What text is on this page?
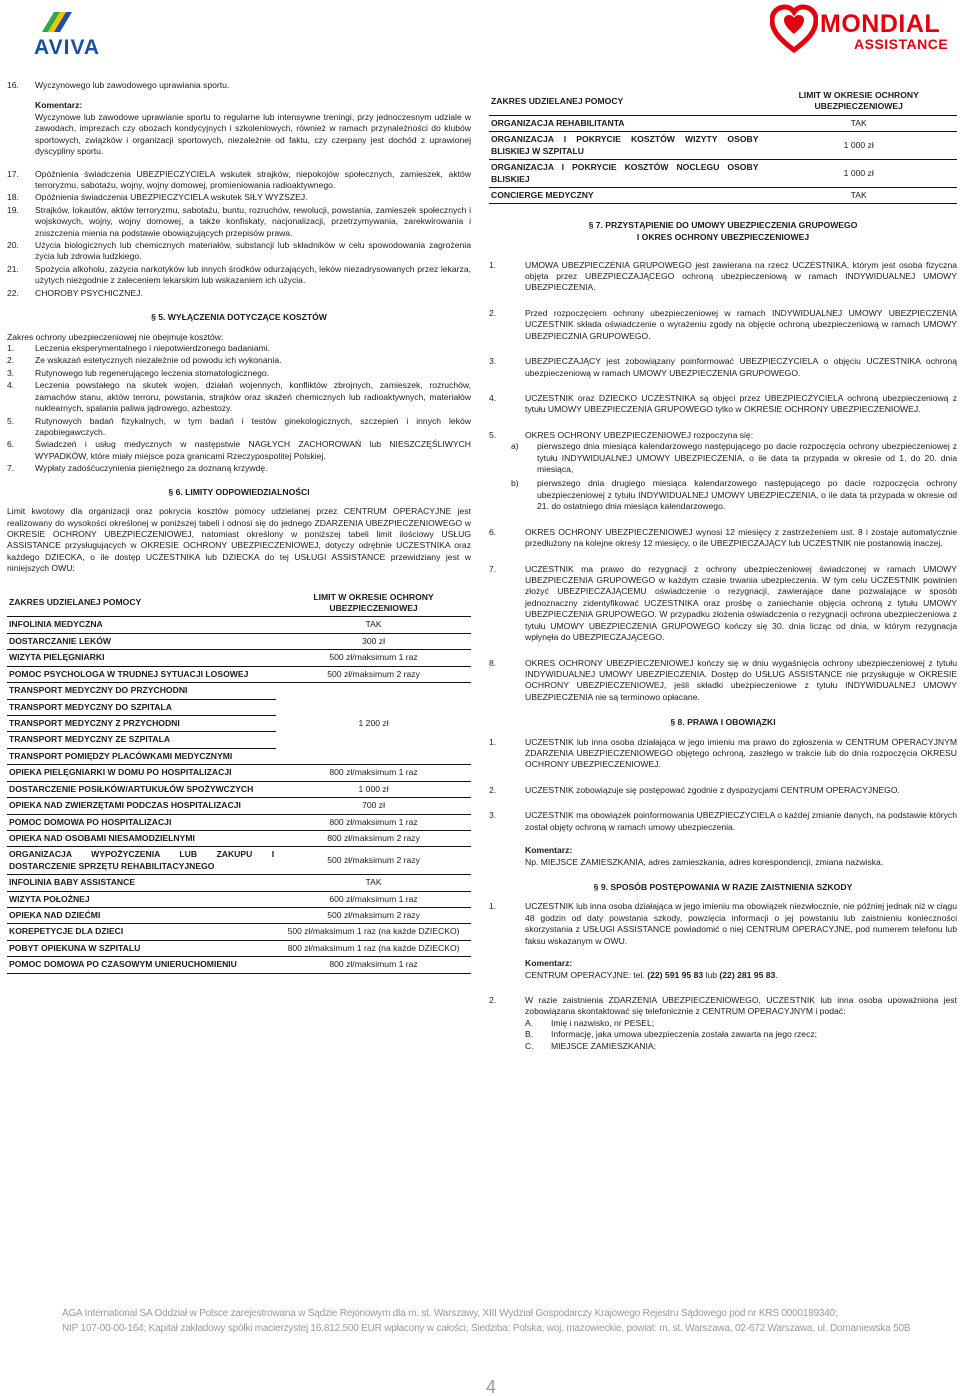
AVIVA
MONDIAL
ASSISTANCE
16. Wyczynowego lub zawodowego uprawiania sportu.
Komentarz:

Wyczynowe lub zawodowe uprawianie sportu to regularne lub intensywne treningi, przy jednoczesnym udziale w zawodach, imprezach czy obozach kondycyjnych i szkoleniowych, również w ramach przynależności do klubów sportowych, związków i organizacji sportowych, niezależnie od faktu, czy czerpany jest dochód z uprawionej dyscypliny sportu.

17. Opóźnienia świadczenia UBEZPIECZYCIELA wskutek strajków, niepokojów społecznych, zamieszek, aktów terroryzmu, sabotażu, wojny, wojny domowej, promieniowania radioaktywnego.
18. Opóźnienia świadczenia UBEZPIECZYCIELA wskutek SIŁY WYŻSZEJ.
19. Strajków, lokautów, aktów terroryzmu, sabotażu, buntu, rozruchów, rewolucji, powstania, zamieszek społecznych i wojskowych, wojny, wojny domowej, a także konfiskaty, nacjonalizacji, przetrzymywania, zarekwirowania i zniszczenia mienia na podstawie obowiązujących przepisów prawa.
20. Użycia biologicznych lub chemicznych materiałów, substancji lub składników w celu spowodowania zagrożenia życia lub zdrowia ludzkiego.
21. Spożycia alkoholu, zażycia narkotyków lub innych środków odurzających, leków niezadrysowanych przez lekarza, użytych niezgodnie z zaleceniem lekarskim lub wskazaniem ich użycia.
22. CHOROBY PSYCHICZNEJ.
§ 5. WYŁĄCZENIA DOTYCZĄCE KOSZTÓW

Zakres ochrony ubezpieczeniowej nie obejmuje kosztów:

1. Leczenia eksperymentalnego i niepotwierdzonego badaniami.
2. Ze wskazań estetycznych niezależnie od powodu ich wykonania.
3. Rutynowego lub regenerującego leczenia stomatologicznego.
4. Leczenia powstałego na skutek wojen, działań wojennych, konfliktów zbrojnych, zamieszek, rozruchów, zamachów stanu, aktów terroru, powstania, strajków oraz skażeń chemicznych lub radioaktywnych, materiałów nuklearnych, spalania paliwa jądrowego, azbestozy.
5. Rutynowych badań fizykalnych, w tym badań i testów ginekologicznych, szczepień i innych leków zapobiegawczych.
6. Świadczeń i usług medycznych w następstwie NAGŁYCH ZACHOROWAŃ lub NIESZCZĘŚLIWYCH WYPADKÓW, które miały miejsce poza granicami Rzeczypospolitej Polskiej.
7. Wypłaty zadośćuczynienia pieniężnego za doznaną krzywdę.
§ 6. LIMITY ODPOWIEDZIALNOŚCI

Limit kwotowy dla organizacji oraz pokrycia kosztów pomocy udzielanej przez CENTRUM OPERACYJNE jest realizowany do wysokości określonej w poniższej tabeli i odnosi się do jednego ZDARZENIA UBEZPIECZENIOWEGO w OKRESIE OCHRONY UBEZPIECZENIOWEJ, natomiast określony w poniższej tabeli limit ilościowy USŁUG ASSISTANCE przysługujących w OKRESIE OCHRONY UBEZPIECZENIOWEJ, dotyczy odrębnie UCZESTNIKA oraz każdego DZIECKA, o ile dostęp UCZESTNIKA lub DZIECKA do tej USŁUGI ASSISTANCE przewidziany jest w niniejszych OWU:

ZAKRES UDZIELANEJ POMOCY	LIMIT W OKRESIE OCHRONY UBEZPIECZENIOWEJ
INFOLINIA MEDYCZNA	TAK
DOSTARCZANIE LEKÓW	300 zł
WIZYTA PIELĘGNIARKI	500 zł/maksimum 1 raz
POMOC PSYCHOLOGA W TRUDNEJ SYTUACJI LOSOWEJ	500 zł/maksimum 2 razy
TRANSPORT MEDYCZNY DO PRZYCHODNI	1 200 zł
TRANSPORT MEDYCZNY DO SZPITALA	
TRANSPORT MEDYCZNY Z PRZYCHODNI	
TRANSPORT MEDYCZNY ZE SZPITALA	
TRANSPORT POMIĘDZY PLACÓWKAMI MEDYCZNYMI	
OPIEKA PIELĘGNIARKI W DOMU PO HOSPITALIZACJI	800 zł/maksimum 1 raz
DOSTARCZENIE POSIŁKÓW/ARTUKUŁÓW SPOŻYWCZYCH	1 000 zł
OPIEKA NAD ZWIERZĘTAMI PODCZAS HOSPITALIZACJI	700 zł
POMOC DOMOWA PO HOSPITALIZACJI	800 zł/maksimum 1 raz
OPIEKA NAD OSOBAMI NIESAMODZIELNYMI	800 zł/maksimum 2 razy
ORGANIZACJA WYPOŻYCZENIA LUB ZAKUPU I DOSTARCZENIE SPRZĘTU REHABILITACYJNEGO	500 zł/maksimum 2 razy
INFOLINIA BABY ASSISTANCE	TAK
WIZYTA POŁOŻNEJ	600 zł/maksimum 1 raz
OPIEKA NAD DZIEĆMI	500 zł/maksimum 2 razy
KOREPETYCJE DLA DZIECI	500 zł/maksimum 1 raz (na każde DZIECKO)
POBYT OPIEKUNA W SZPITALU	800 zł/maksimum 1 raz (na każde DZIECKO)
POMOC DOMOWA PO CZASOWYM UNIERUCHOMIENIU	800 zł/maksimum 1 raz
ZAKRES UDZIELANEJ POMOCY	LIMIT W OKRESIE OCHRONY UBEZPIECZENIOWEJ
ORGANIZACJA REHABILITANTA	TAK
ORGANIZACJA I POKRYCIE KOSZTÓW WIZYTY OSOBY BLISKIEJ W SZPITALU	1 000 zł
ORGANIZACJA I POKRYCIE KOSZTÓW NOCLEGU OSOBY BLISKIEJ	1 000 zł
CONCIERGE MEDYCZNY	TAK
§ 7. PRZYSTĄPIENIE DO UMOWY UBEZPIECZENIA GRUPOWEGO
I OKRES OCHRONY UBEZPIECZENIOWEJ
1.	UMOWA UBEZPIECZENIA GRUPOWEGO jest zawierana na rzecz UCZESTNIKA, którym jest osoba fizyczna objęta przez UBEZPIECZAJĄCEGO ochroną ubezpieczeniową w ramach INDYWIDUALNEJ UMOWY UBEZPIECZENIA.
2.	Przed rozpoczęciem ochrony ubezpieczeniowej w ramach INDYWIDUALNEJ UMOWY UBEZPIECZENIA UCZESTNIK składa oświadczenie o wyrażeniu zgody na objęcie ochroną ubezpieczeniową w ramach UMOWY UBEZPIECZNIA GRUPOWEGO.
3.	UBEZPIECZAJĄCY jest zobowiązany poinformować UBEZPIECZYCIELA o objęciu UCZESTNIKA ochroną ubezpieczeniową w ramach UMOWY UBEZPIECZENIA GRUPOWEGO.
4.	UCZESTNIK oraz DZIECKO UCZESTNIKA są objęci przez UBEZPIECZYCIELA ochroną ubezpieczeniową z tytułu UMOWY UBEZPIECZENIA GRUPOWEGO tylko w OKRESIE OCHRONY UBEZPIECZENIOWEJ.
5.	OKRES OCHRONY UBEZPIECZENIOWEJ rozpoczyna się:
a) pierwszego dnia miesiąca kalendarzowego następującego po dacie rozpoczęcia ochrony ubezpieczeniowej z tytułu INDYWIDUALNEJ UMOWY UBEZPIECZENIA, o ile data ta przypada w okresie od 1. do 20. dnia miesiąca,
b) pierwszego dnia drugiego miesiąca kalendarzowego następującego po dacie rozpoczęcia ochrony ubezpieczeniowej z tytułu INDYWIDUALNEJ UMOWY UBEZPIECZENIA, o ile data ta przypada w okresie od 21. do ostatniego dnia miesiąca kalendarzowego.
6.	OKRES OCHRONY UBEZPIECZENIOWEJ wynosi 12 miesięcy z zastrzeżeniem ust. 8 i zostaje automatycznie przedłużony na kolejne okresy 12 miesięcy, o ile UBEZPIECZAJĄCY lub UCZESTNIK nie postanowią inaczej.
7.	UCZESTNIK ma prawo do rezygnacji z ochrony ubezpieczeniowej świadczonej w ramach UMOWY UBEZPIECZENIA GRUPOWEGO w każdym czasie trwania ubezpieczenia. W tym celu UCZESTNIK powinien złożyć UBEZPIECZAJĄCEMU oświadczenie o rezygnacji, zawierające dane pozwalające w sposób jednoznaczny zidentyfikować UCZESTNIKA oraz prośbę o zaniechanie objęcia ochroną z tytułu UMOWY UBEZPIECZENIA GRUPOWEGO. W przypadku złożenia oświadczenia o rezygnacji ochrona ubezpieczeniowa z tytułu UMOWY UBEZPIECZENIA GRUPOWEGO kończy się 30. dnia licząc od dnia, w którym rezygnacja wpłynęła do UBEZPIECZAJĄCEGO.
8.	OKRES OCHRONY UBEZPIECZENIOWEJ kończy się w dniu wygaśnięcia ochrony ubezpieczeniowej z tytułu INDYWIDUALNEJ UMOWY UBEZPIECZENIA. Dostęp do USŁUG ASSISTANCE nie przysługuje w OKRESIE OCHRONY UBEZPIECZENIOWEJ, jeśli składki ubezpieczeniowe z tytułu INDYWIDUALNEJ UMOWY UBEZPIECZENIA nie są terminowo opłacane.
§ 8. PRAWA I OBOWIĄZKI
1.	UCZESTNIK lub inna osoba działająca w jego imieniu ma prawo do zgłoszenia w CENTRUM OPERACYJNYM ZDARZENIA UBEZPIECZENIOWEGO objętego ochroną, zaszłego w trakcie lub do dnia rozpoczęcia OKRESU OCHRONY UBEZPIECZENIOWEJ.
2.	UCZESTNIK zobowiązuje się postępować zgodnie z dyspozycjami CENTRUM OPERACYJNEGO.
3.	UCZESTNIK ma obowiązek poinformowania UBEZPIECZYCIELA o każdej zmianie danych, na podstawie których został objęty ochroną w ramach umowy ubezpieczenia.
Komentarz:

Np. MIEJSCE ZAMIESZKANIA, adres zamieszkania, adres korespondencji, zmiana nazwiska.

§ 9. SPOSÓB POSTĘPOWANIA W RAZIE ZAISTNIENIA SZKODY
1.	UCZESTNIK lub inna osoba działająca w jego imieniu ma obowiązek niezwłocznie, nie później jednak niż w ciągu 48 godzin od daty powstania szkody, powzięcia informacji o jej powstaniu lub zaistnieniu konieczności skorzystania z USŁUGI ASSISTANCE powiadomić o niej CENTRUM OPERACYJNE, pod numerem telefonu lub faksu wskazanym w OWU.
Komentarz:

CENTRUM OPERACYJNE: tel. (22) 591 95 83 lub (22) 281 95 83.

2.	W razie zaistnienia ZDARZENIA UBEZPIECZENIOWEGO, UCZESTNIK lub inna osoba upoważniona jest zobowiązana skontaktować się telefonicznie z CENTRUM OPERACYJNYM i podać:
A. Imię i nazwisko, nr PESEL;
B. Informację, jaka umowa ubezpieczenia została zawarta na jego rzecz;
C. MIEJSCE ZAMIESZKANIA;
AGA International SA Oddział w Polsce zarejestrowana w Sądzie Rejonowym dla m. st. Warszawy, XIII Wydział Gospodarczy Krajowego Rejestru Sądowego pod nr KRS 0000189340;
NIP 107-00-00-164; Kapitał zakładowy spółki macierzystej 16.812.500 EUR wpłacony w całości; Siedziba: Polska, woj. mazowieckie, powiat: m. st. Warszawa, 02-672 Warszawa, ul. Domaniewska 50B
4
